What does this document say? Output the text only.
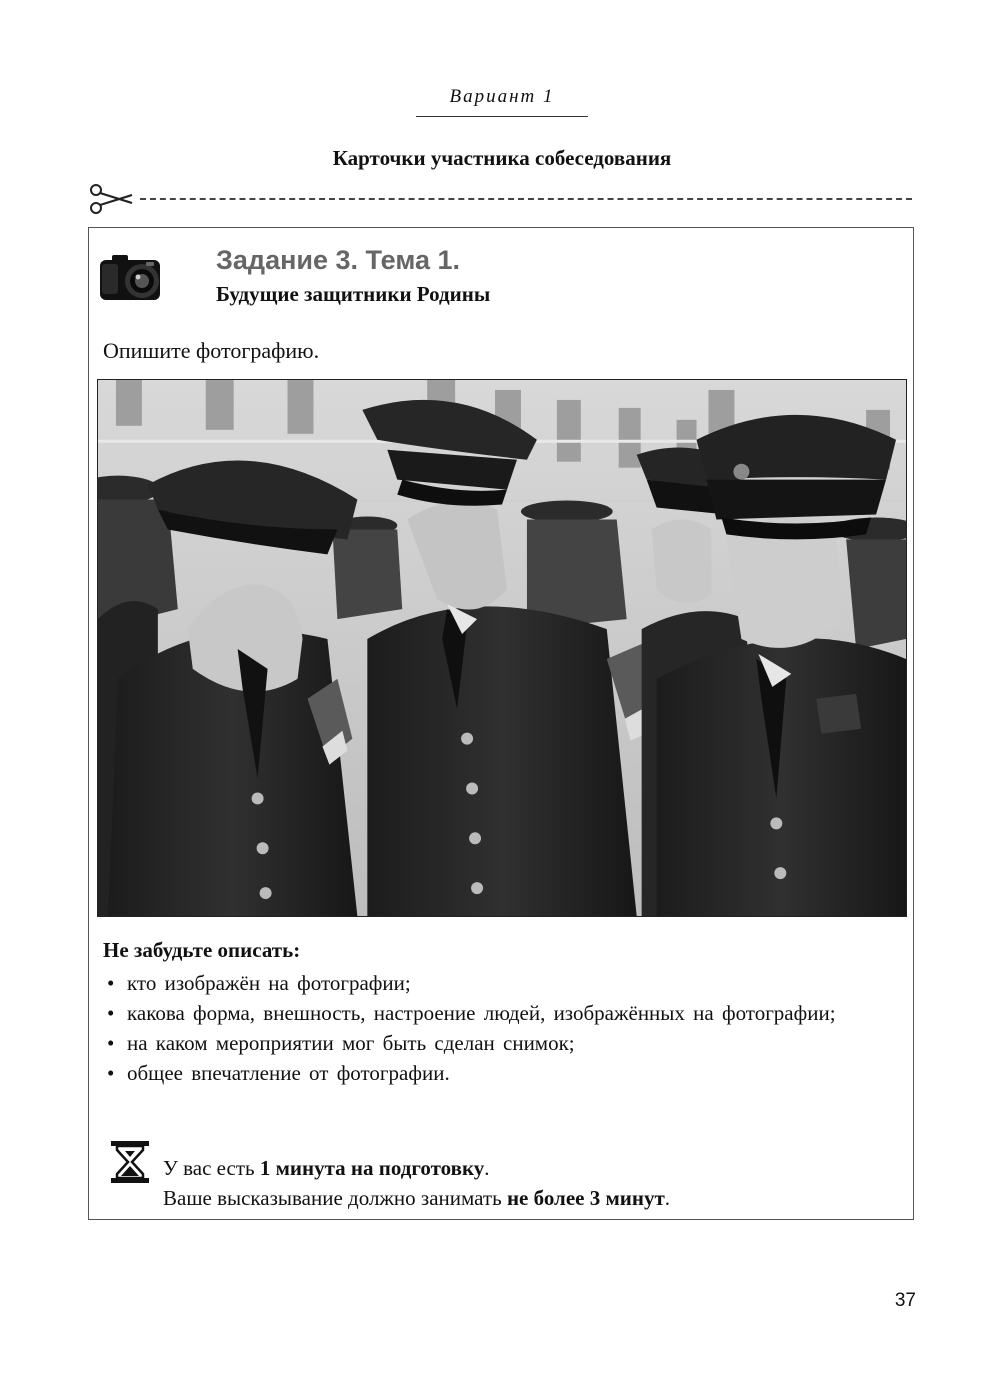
Вариант 1
Карточки участника собеседования
Задание 3. Тема 1.
Будущие защитники Родины
Опишите фотографию.
Не забудьте описать:
• кто изображён на фотографии;
• какова форма, внешность, настроение людей, изображённых на фотографии;
• на каком мероприятии мог быть сделан снимок;
• общее впечатление от фотографии.
У вас есть 1 минута на подготовку.
Ваше высказывание должно занимать не более 3 минут.
37
